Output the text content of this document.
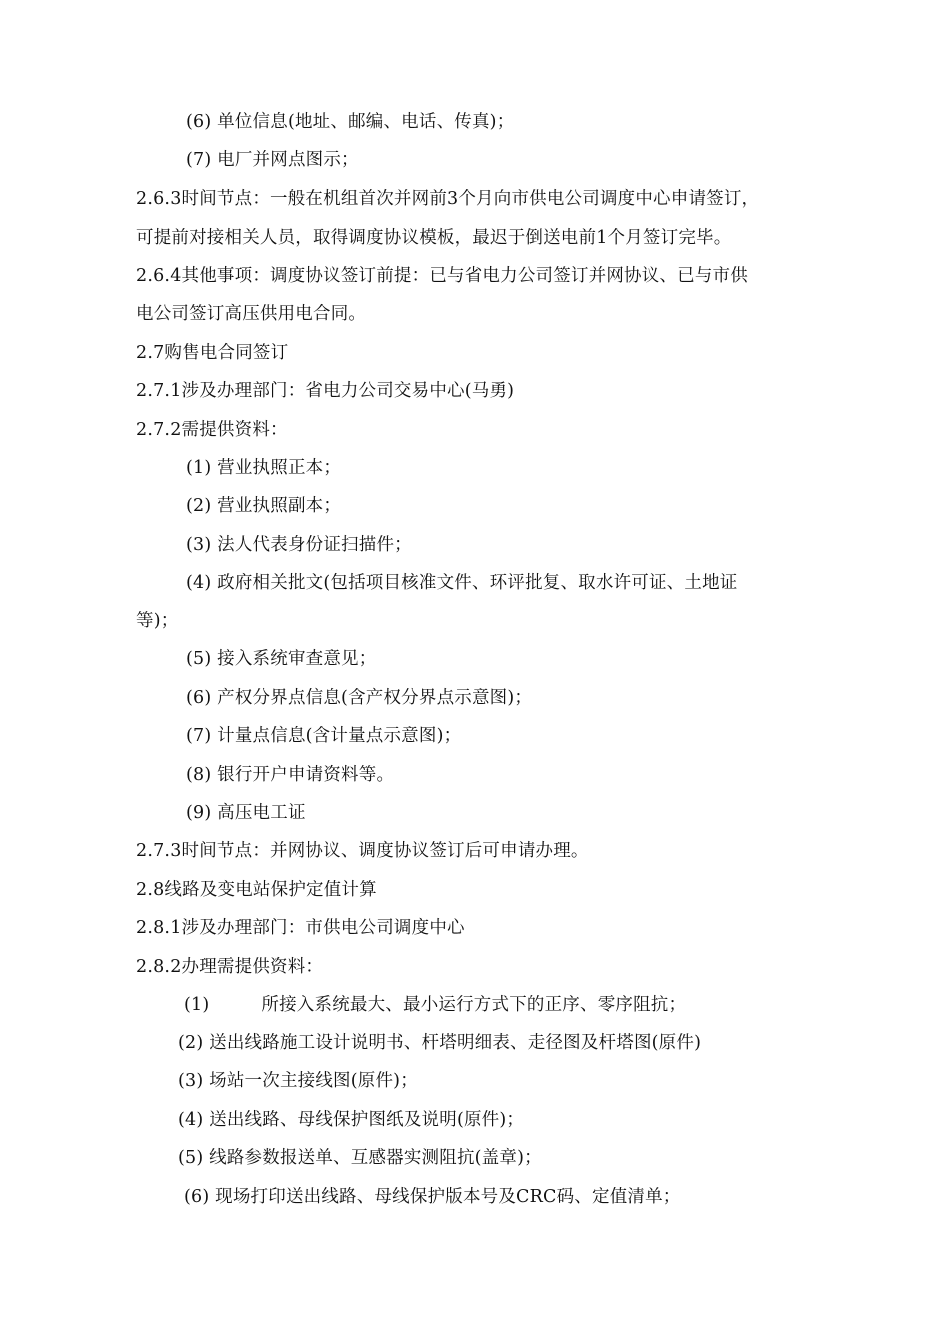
(6) 单位信息(地址、邮编、电话、传真)；
(7) 电厂并网点图示；
2.6.3时间节点：一般在机组首次并网前3个月向市供电公司调度中心申请签订，
可提前对接相关人员，取得调度协议模板，最迟于倒送电前1个月签订完毕。
2.6.4其他事项：调度协议签订前提：已与省电力公司签订并网协议、已与市供
电公司签订高压供用电合同。
2.7购售电合同签订
2.7.1涉及办理部门：省电力公司交易中心(马勇)
2.7.2需提供资料：
(1) 营业执照正本；
(2) 营业执照副本；
(3) 法人代表身份证扫描件；
(4) 政府相关批文(包括项目核准文件、环评批复、取水许可证、土地证
等)；
(5) 接入系统审查意见；
(6) 产权分界点信息(含产权分界点示意图)；
(7) 计量点信息(含计量点示意图)；
(8) 银行开户申请资料等。
(9) 高压电工证
2.7.3时间节点：并网协议、调度协议签订后可申请办理。
2.8线路及变电站保护定值计算
2.8.1涉及办理部门：市供电公司调度中心
2.8.2办理需提供资料：
(1)	所接入系统最大、最小运行方式下的正序、零序阻抗；
(2) 送出线路施工设计说明书、杆塔明细表、走径图及杆塔图(原件)
(3) 场站一次主接线图(原件)；
(4) 送出线路、母线保护图纸及说明(原件)；
(5) 线路参数报送单、互感器实测阻抗(盖章)；
(6) 现场打印送出线路、母线保护版本号及CRC码、定值清单；
